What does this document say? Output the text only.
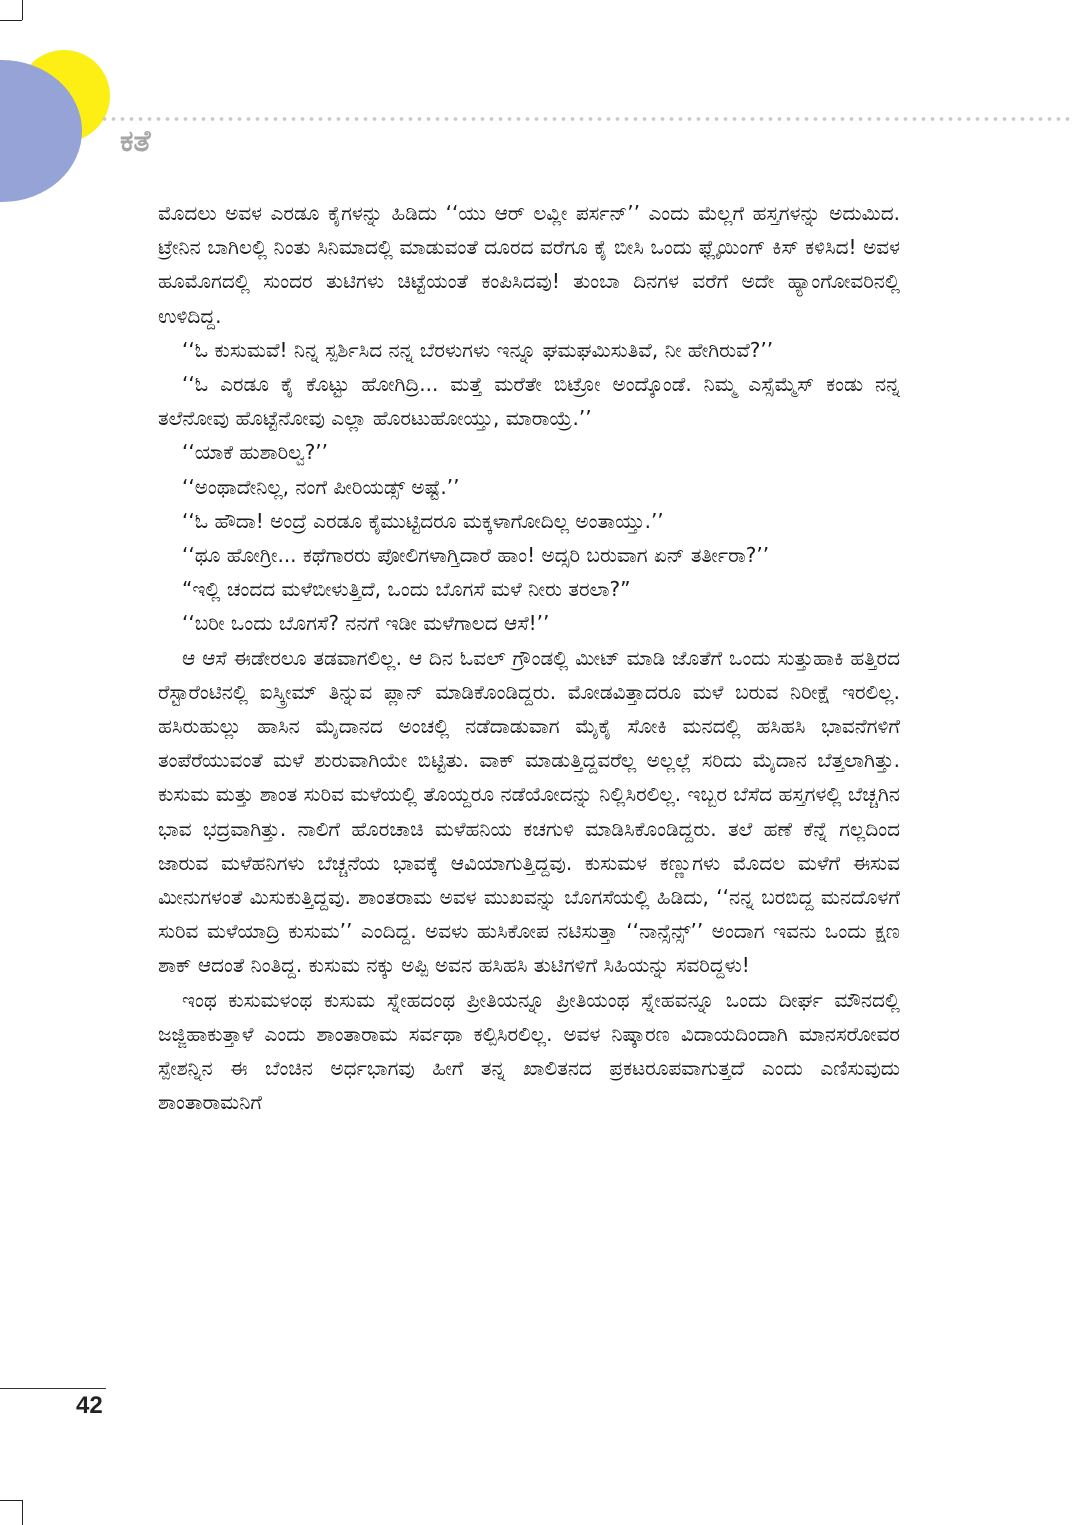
ಕತೆ

ಮೊದಲು ಅವಳ ಎರಡೂ ಕೈಗಳನ್ನು ಹಿಡಿದು ‘‘ಯು ಆರ್ ಲವ್ಲೀ ಪರ್ಸನ್’’ ಎಂದು ಮೆಲ್ಲಗೆ ಹಸ್ತಗಳನ್ನು ಅದುಮಿದ. ಟ್ರೇನಿನ ಬಾಗಿಲಲ್ಲಿ ನಿಂತು ಸಿನಿಮಾದಲ್ಲಿ ಮಾಡುವಂತೆ ದೂರದ ವರೆಗೂ ಕೈ ಬೀಸಿ ಒಂದು ಫ್ಲೈಯಿಂಗ್ ಕಿಸ್ ಕಳಿಸಿದ! ಅವಳ ಹೂಮೊಗದಲ್ಲಿ ಸುಂದರ ತುಟಿಗಳು ಚಿಟ್ಟೆಯಂತೆ ಕಂಪಿಸಿದವು! ತುಂಬಾ ದಿನಗಳ ವರೆಗೆ ಅದೇ ಹ್ಯಾಂಗೋವರಿನಲ್ಲಿ ಉಳಿದಿದ್ದ.

‘‘ಓ ಕುಸುಮವೆ! ನಿನ್ನ ಸ್ಪರ್ಶಿಸಿದ ನನ್ನ ಬೆರಳುಗಳು ಇನ್ನೂ ಘಮಘಮಿಸುತಿವೆ, ನೀ ಹೇಗಿರುವೆ?’’

‘‘ಓ ಎರಡೂ ಕೈ ಕೊಟ್ಟು ಹೋಗಿದ್ರಿ... ಮತ್ತೆ ಮರೆತೇ ಬಿಟ್ರೋ ಅಂದ್ಕೊಂಡೆ. ನಿಮ್ಮ ಎಸ್ಸೆಮ್ಮೆಸ್ ಕಂಡು ನನ್ನ ತಲೆನೋವು ಹೊಟ್ಟೆನೋವು ಎಲ್ಲಾ ಹೊರಟುಹೋಯ್ತು, ಮಾರಾಯ್ರೆ.’’

‘‘ಯಾಕೆ ಹುಶಾರಿಲ್ವ?’’

‘‘ಅಂಥಾದೇನಿಲ್ಲ, ನಂಗೆ ಪೀರಿಯಡ್ಸ್ ಅಷ್ಟೆ.’’

‘‘ಓ ಹೌದಾ! ಅಂದ್ರೆ ಎರಡೂ ಕೈಮುಟ್ಟಿದರೂ ಮಕ್ಕಳಾಗೋದಿಲ್ಲ ಅಂತಾಯ್ತು.’’

‘‘ಥೂ ಹೋಗ್ರೀ... ಕಥೆಗಾರರು ಪೋಲಿಗಳಾಗ್ತಿದಾರೆ ಹಾಂ! ಅದ್ಸರಿ ಬರುವಾಗ ಏನ್ ತರ್ತೀರಾ?’’

“ಇಲ್ಲಿ ಚಂದದ ಮಳೆಬೀಳುತ್ತಿದೆ, ಒಂದು ಬೊಗಸೆ ಮಳೆ ನೀರು ತರಲಾ?”

‘‘ಬರೀ ಒಂದು ಬೊಗಸೆ? ನನಗೆ ಇಡೀ ಮಳೆಗಾಲದ ಆಸೆ!’’

ಆ ಆಸೆ ಈಡೇರಲೂ ತಡವಾಗಲಿಲ್ಲ. ಆ ದಿನ ಓವಲ್ ಗ್ರೌಂಡಲ್ಲಿ ಮೀಟ್ ಮಾಡಿ ಜೊತೆಗೆ ಒಂದು ಸುತ್ತುಹಾಕಿ ಹತ್ತಿರದ ರೆಸ್ಟಾರೆಂಟಿನಲ್ಲಿ ಐಸ್ಕ್ರೀಮ್ ತಿನ್ನುವ ಪ್ಲಾನ್ ಮಾಡಿಕೊಂಡಿದ್ದರು. ಮೋಡವಿತ್ತಾದರೂ ಮಳೆ ಬರುವ ನಿರೀಕ್ಷೆ ಇರಲಿಲ್ಲ. ಹಸಿರುಹುಲ್ಲು ಹಾಸಿನ ಮೈದಾನದ ಅಂಚಲ್ಲಿ ನಡೆದಾಡುವಾಗ ಮೈಕೈ ಸೋಕಿ ಮನದಲ್ಲಿ ಹಸಿಹಸಿ ಭಾವನೆಗಳಿಗೆ ತಂಪೆರೆಯುವಂತೆ ಮಳೆ ಶುರುವಾಗಿಯೇ ಬಿಟ್ಟಿತು. ವಾಕ್ ಮಾಡುತ್ತಿದ್ದವರೆಲ್ಲ ಅಲ್ಲಲ್ಲೆ ಸರಿದು ಮೈದಾನ ಬೆತ್ತಲಾಗಿತ್ತು. ಕುಸುಮ ಮತ್ತು ಶಾಂತ ಸುರಿವ ಮಳೆಯಲ್ಲಿ ತೊಯ್ದರೂ ನಡೆಯೋದನ್ನು ನಿಲ್ಲಿಸಿರಲಿಲ್ಲ. ಇಬ್ಬರ ಬೆಸೆದ ಹಸ್ತಗಳಲ್ಲಿ ಬೆಚ್ಚಗಿನ ಭಾವ ಭದ್ರವಾಗಿತ್ತು. ನಾಲಿಗೆ ಹೊರಚಾಚಿ ಮಳೆಹನಿಯ ಕಚಗುಳಿ ಮಾಡಿಸಿಕೊಂಡಿದ್ದರು. ತಲೆ ಹಣೆ ಕೆನ್ನೆ ಗಲ್ಲದಿಂದ ಜಾರುವ ಮಳೆಹನಿಗಳು ಬೆಚ್ಚನೆಯ ಭಾವಕ್ಕೆ ಆವಿಯಾಗುತ್ತಿದ್ದವು. ಕುಸುಮಳ ಕಣ್ಣುಗಳು ಮೊದಲ ಮಳೆಗೆ ಈಸುವ ಮೀನುಗಳಂತೆ ಮಿಸುಕುತ್ತಿದ್ದವು. ಶಾಂತರಾಮ ಅವಳ ಮುಖವನ್ನು ಬೊಗಸೆಯಲ್ಲಿ ಹಿಡಿದು, ‘‘ನನ್ನ ಬರಬಿದ್ದ ಮನದೊಳಗೆ ಸುರಿವ ಮಳೆಯಾದ್ರಿ ಕುಸುಮ’’ ಎಂದಿದ್ದ. ಅವಳು ಹುಸಿಕೋಪ ನಟಿಸುತ್ತಾ ‘‘ನಾನ್ಸೆನ್ಸ್’’ ಅಂದಾಗ ಇವನು ಒಂದು ಕ್ಷಣ ಶಾಕ್ ಆದಂತೆ ನಿಂತಿದ್ದ. ಕುಸುಮ ನಕ್ಕು ಅಪ್ಪಿ ಅವನ ಹಸಿಹಸಿ ತುಟಿಗಳಿಗೆ ಸಿಹಿಯನ್ನು ಸವರಿದ್ದಳು!

ಇಂಥ ಕುಸುಮಳಂಥ ಕುಸುಮ ಸ್ನೇಹದಂಥ ಪ್ರೀತಿಯನ್ನೂ ಪ್ರೀತಿಯಂಥ ಸ್ನೇಹವನ್ನೂ ಒಂದು ದೀರ್ಘ ಮೌನದಲ್ಲಿ ಜಜ್ಜಿಹಾಕುತ್ತಾಳೆ ಎಂದು ಶಾಂತಾರಾಮ ಸರ್ವಥಾ ಕಲ್ಪಿಸಿರಲಿಲ್ಲ. ಅವಳ ನಿಷ್ಕಾರಣ ವಿದಾಯದಿಂದಾಗಿ ಮಾನಸರೋವರ ಸ್ಪೇಶನ್ನಿನ ಈ ಬೆಂಚಿನ ಅರ್ಧಭಾಗವು ಹೀಗೆ ತನ್ನ ಖಾಲಿತನದ ಪ್ರಕಟರೂಪವಾಗುತ್ತದೆ ಎಂದು ಎಣಿಸುವುದು ಶಾಂತಾರಾಮನಿಗೆ

42
